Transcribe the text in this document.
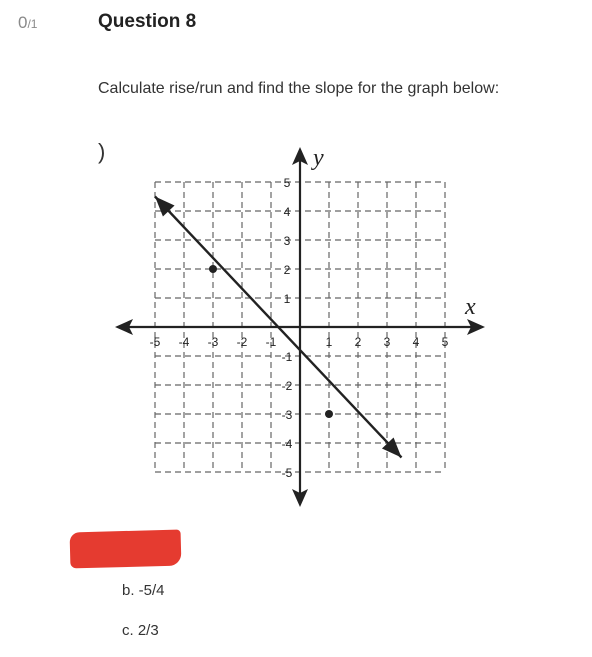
0/1	Question 8
Calculate rise/run and find the slope for the graph below:
)
-5 -4 -3 -2 -1	1 2 3 4 5
5
4
3
2
1
-1
-2
-3
-4
-5
x
y
b. -5/4
c. 2/3
